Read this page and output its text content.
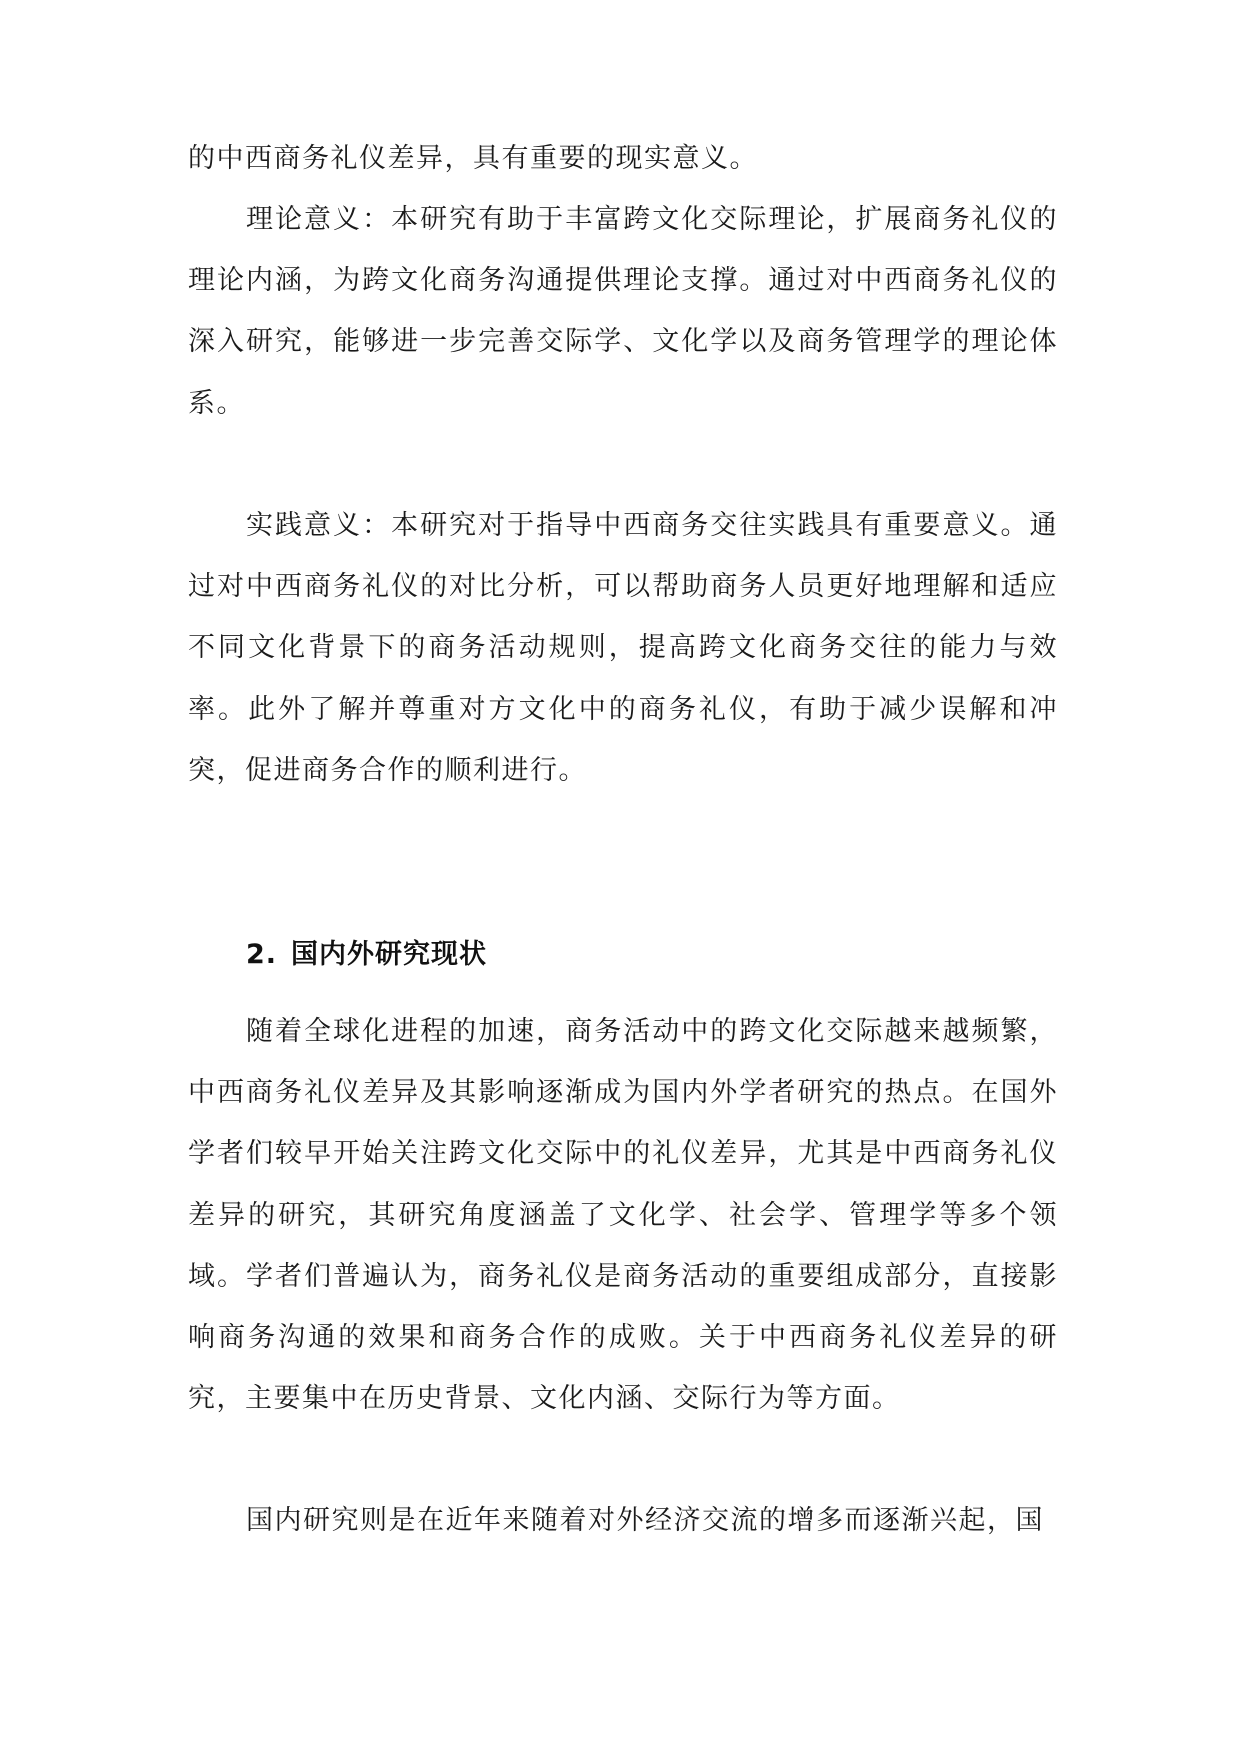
的中西商务礼仪差异，具有重要的现实意义。

理论意义：本研究有助于丰富跨文化交际理论，扩展商务礼仪的理论内涵，为跨文化商务沟通提供理论支撑。通过对中西商务礼仪的深入研究，能够进一步完善交际学、文化学以及商务管理学的理论体系。

实践意义：本研究对于指导中西商务交往实践具有重要意义。通过对中西商务礼仪的对比分析，可以帮助商务人员更好地理解和适应不同文化背景下的商务活动规则，提高跨文化商务交往的能力与效率。此外了解并尊重对方文化中的商务礼仪，有助于减少误解和冲突，促进商务合作的顺利进行。

2. 国内外研究现状

随着全球化进程的加速，商务活动中的跨文化交际越来越频繁，中西商务礼仪差异及其影响逐渐成为国内外学者研究的热点。在国外学者们较早开始关注跨文化交际中的礼仪差异，尤其是中西商务礼仪差异的研究，其研究角度涵盖了文化学、社会学、管理学等多个领域。学者们普遍认为，商务礼仪是商务活动的重要组成部分，直接影响商务沟通的效果和商务合作的成败。关于中西商务礼仪差异的研究，主要集中在历史背景、文化内涵、交际行为等方面。

国内研究则是在近年来随着对外经济交流的增多而逐渐兴起，国
